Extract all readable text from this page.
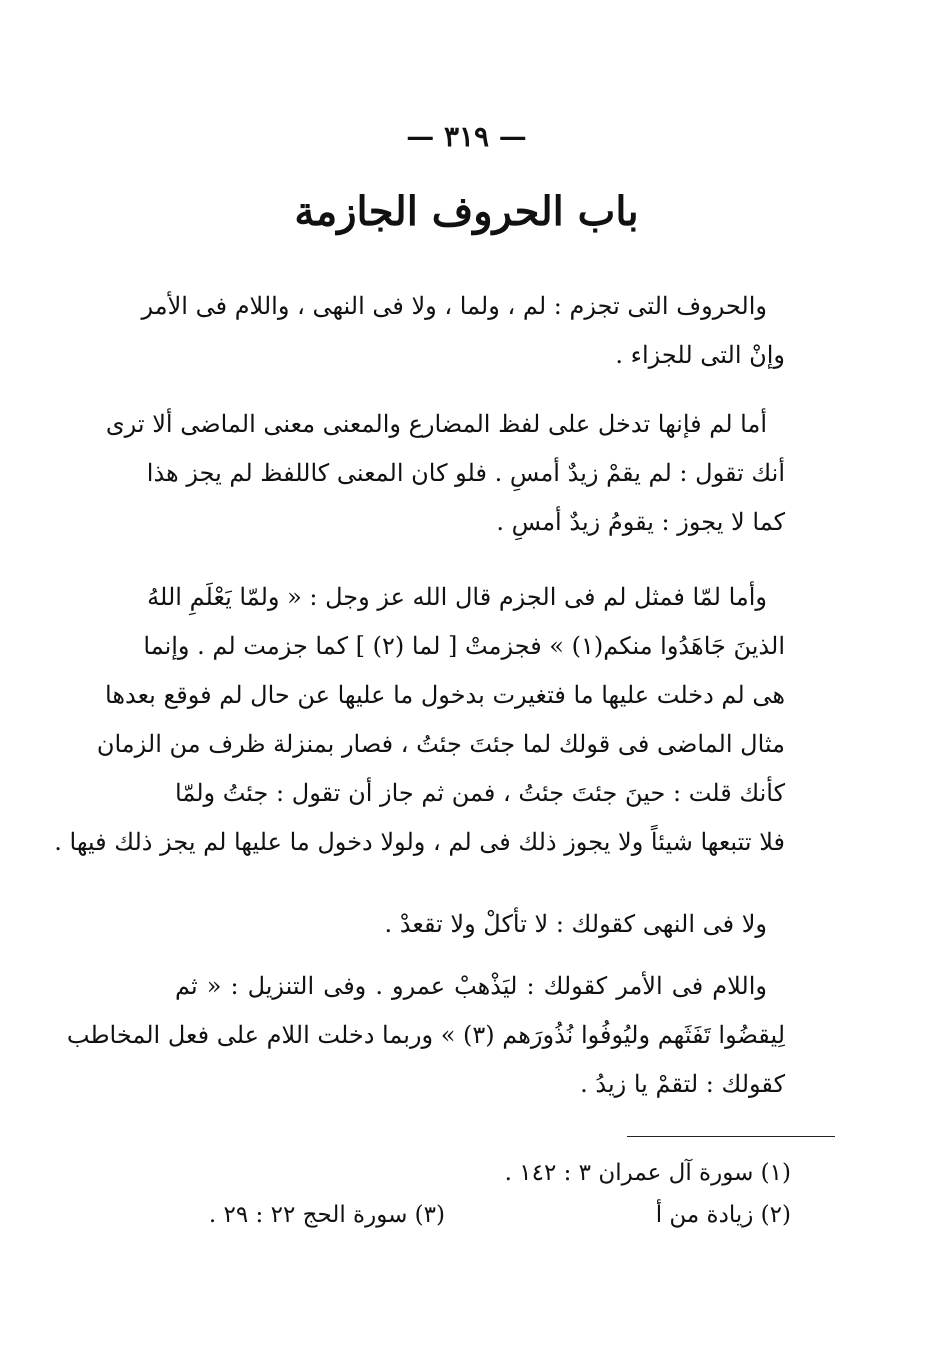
— ٣١٩ —
باب الحروف الجازمة
والحروف التى تجزم : لم ، ولما ، ولا فى النهى ، واللام فى الأمر
وإنْ التى للجزاء .
أما لم فإنها تدخل على لفظ المضارع والمعنى معنى الماضى ألا ترى
أنك تقول : لم يقمْ زيدٌ أمسِ . فلو كان المعنى كاللفظ لم يجز هذا
كما لا يجوز : يقومُ زيدٌ أمسِ .
وأما لمّا فمثل لم فى الجزم قال الله عز وجل : « ولمّا يَعْلَمِ اللهُ
الذينَ جَاهَدُوا منكم(١) » فجزمتْ [ لما (٢) ] كما جزمت لم . وإنما
هى لم دخلت عليها ما فتغيرت بدخول ما عليها عن حال لم فوقع بعدها
مثال الماضى فى قولك لما جئتَ جئتُ ، فصار بمنزلة ظرف من الزمان
كأنك قلت : حينَ جئتَ جئتُ ، فمن ثم جاز أن تقول : جئتُ ولمّا
فلا تتبعها شيئاً ولا يجوز ذلك فى لم ، ولولا دخول ما عليها لم يجز ذلك فيها .
ولا فى النهى كقولك : لا تأكلْ ولا تقعدْ .
واللام فى الأمر كقولك : ليَذْهبْ عمرو . وفى التنزيل : « ثم
لِيقضُوا تَفَثَهم وليُوفُوا نُذُورَهم (٣) » وربما دخلت اللام على فعل المخاطب
كقولك : لتقمْ يا زيدُ .
(١) سورة آل عمران ٣ : ١٤٢ .
(٢) زيادة من أ
(٣) سورة الحج ٢٢ : ٢٩ .
